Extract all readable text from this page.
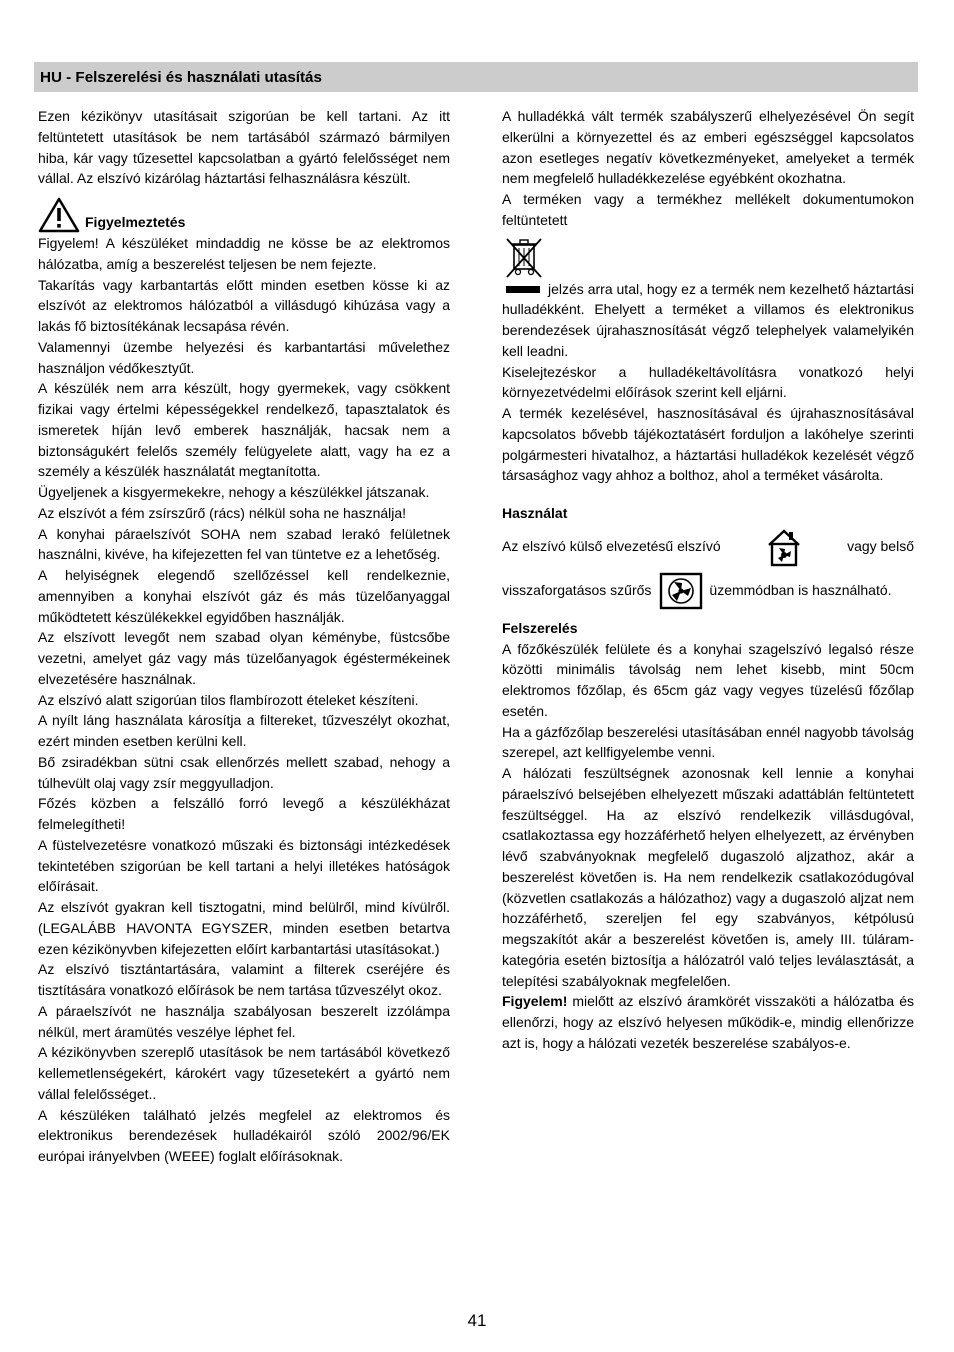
HU - Felszerelési és használati utasítás

Ezen kézikönyv utasításait szigorúan be kell tartani. Az itt feltüntetett utasítások be nem tartásából származó bármilyen hiba, kár vagy tűzesettel kapcsolatban a gyártó felelősséget nem vállal. Az elszívó kizárólag háztartási felhasználásra készült.

Figyelmeztetés

Figyelem! A készüléket mindaddig ne kösse be az elektromos hálózatba, amíg a beszerelést teljesen be nem fejezte.

Takarítás vagy karbantartás előtt minden esetben kösse ki az elszívót az elektromos hálózatból a villásdugó kihúzása vagy a lakás fő biztosítékának lecsapása révén.

Valamennyi üzembe helyezési és karbantartási művelethez használjon védőkesztyűt.

A készülék nem arra készült, hogy gyermekek, vagy csökkent fizikai vagy értelmi képességekkel rendelkező, tapasztalatok és ismeretek híján levő emberek használják, hacsak nem a biztonságukért felelős személy felügyelete alatt, vagy ha ez a személy a készülék használatát megtanította.

Ügyeljenek a kisgyermekekre, nehogy a készülékkel játszanak.

Az elszívót a fém zsírszűrő (rács) nélkül soha ne használja!

A konyhai páraelszívót SOHA nem szabad lerakó felületnek használni, kivéve, ha kifejezetten fel van tüntetve ez a lehetőség.

A helyiségnek elegendő szellőzéssel kell rendelkeznie, amennyiben a konyhai elszívót gáz és más tüzelőanyaggal működtetett készülékekkel egyidőben használják.

Az elszívott levegőt nem szabad olyan kéménybe, füstcsőbe vezetni, amelyet gáz vagy más tüzelőanyagok égéstermékeinek elvezetésére használnak.

Az elszívó alatt szigorúan tilos flambírozott ételeket készíteni.

A nyílt láng használata károsítja a filtereket, tűzveszélyt okozhat, ezért minden esetben kerülni kell.

Bő zsiradékban sütni csak ellenőrzés mellett szabad, nehogy a túlhevült olaj vagy zsír meggyulladjon.

Főzés közben a felszálló forró levegő a készülékházat felmelegítheti!

A füstelvezetésre vonatkozó műszaki és biztonsági intézkedések tekintetében szigorúan be kell tartani a helyi illetékes hatóságok előírásait.

Az elszívót gyakran kell tisztogatni, mind belülről, mind kívülről. (LEGALÁBB HAVONTA EGYSZER, minden esetben betartva ezen kézikönyvben kifejezetten előírt karbantartási utasításokat.)

Az elszívó tisztántartására, valamint a filterek cseréjére és tisztítására vonatkozó előírások be nem tartása tűzveszélyt okoz.

A páraelszívót ne használja szabályosan beszerelt izzólámpa nélkül, mert áramütés veszélye léphet fel.

A kézikönyvben szereplő utasítások be nem tartásából következő kellemetlenségekért, károkért vagy tűzesetekért a gyártó nem vállal felelősséget..

A készüléken található jelzés megfelel az elektromos és elektronikus berendezések hulladékairól szóló 2002/96/EK európai irányelvben (WEEE) foglalt előírásoknak.

A hulladékká vált termék szabályszerű elhelyezésével Ön segít elkerülni a környezettel és az emberi egészséggel kapcsolatos azon esetleges negatív következményeket, amelyeket a termék nem megfelelő hulladékkezelése egyébként okozhatna.

A terméken vagy a termékhez mellékelt dokumentumokon feltüntetett

jelzés arra utal, hogy ez a termék nem kezelhető háztartási hulladékként. Ehelyett a terméket a villamos és elektronikus berendezések újrahasznosítását végző telephelyek valamelyikén kell leadni.

Kiselejtezéskor a hulladékeltávolításra vonatkozó helyi környezetvédelmi előírások szerint kell eljárni.

A termék kezelésével, hasznosításával és újrahasznosításával kapcsolatos bővebb tájékoztatásért forduljon a lakóhelye szerinti polgármesteri hivatalhoz, a háztartási hulladékok kezelését végző társasághoz vagy ahhoz a bolthoz, ahol a terméket vásárolta.

Használat

Az elszívó külső elvezetésű elszívó	vagy belső
visszaforgatásos szűrős	üzemmódban is használható.

Felszerelés

A főzőkészülék felülete és a konyhai szagelszívó legalsó része közötti minimális távolság nem lehet kisebb, mint 50cm elektromos főzőlap, és 65cm gáz vagy vegyes tüzelésű főzőlap esetén.

Ha a gázfőzőlap beszerelési utasításában ennél nagyobb távolság szerepel, azt kellfigyelembe venni.

A hálózati feszültségnek azonosnak kell lennie a konyhai páraelszívó belsejében elhelyezett műszaki adattáblán feltüntetett feszültséggel. Ha az elszívó rendelkezik villásdugóval, csatlakoztassa egy hozzáférhető helyen elhelyezett, az érvényben lévő szabványoknak megfelelő dugaszoló aljzathoz, akár a beszerelést követően is. Ha nem rendelkezik csatlakozódugóval (közvetlen csatlakozás a hálózathoz) vagy a dugaszoló aljzat nem hozzáférhető, szereljen fel egy szabványos, kétpólusú megszakítót akár a beszerelést követően is, amely III. túláram-kategória esetén biztosítja a hálózatról való teljes leválasztását, a telepítési szabályoknak megfelelően.

Figyelem! mielőtt az elszívó áramkörét visszaköti a hálózatba és ellenőrzi, hogy az elszívó helyesen működik-e, mindig ellenőrizze azt is, hogy a hálózati vezeték beszerelése szabályos-e.

41
